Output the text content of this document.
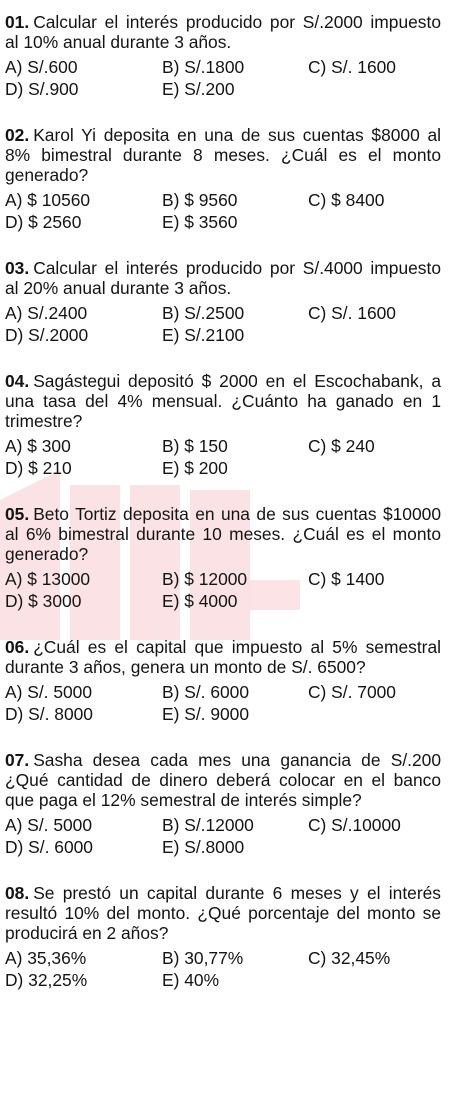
01. Calcular el interés producido por S/.2000 impuesto al 10% anual durante 3 años.

A) S/.600	B) S/.1800	C) S/. 1600
D) S/.900	E) S/.200

02. Karol Yi deposita en una de sus cuentas $8000 al 8% bimestral durante 8 meses. ¿Cuál es el monto generado?

A) $ 10560	B) $ 9560	C) $ 8400
D) $ 2560	E) $ 3560

03. Calcular el interés producido por S/.4000 impuesto al 20% anual durante 3 años.

A) S/.2400	B) S/.2500	C) S/. 1600
D) S/.2000	E) S/.2100

04. Sagástegui depositó $ 2000 en el Escochabank, a una tasa del 4% mensual. ¿Cuánto ha ganado en 1 trimestre?

A) $ 300	B) $ 150	C) $ 240
D) $ 210	E) $ 200

05. Beto Tortiz deposita en una de sus cuentas $10000 al 6% bimestral durante 10 meses. ¿Cuál es el monto generado?

A) $ 13000	B) $ 12000	C) $ 1400
D) $ 3000	E) $ 4000

06. ¿Cuál es el capital que impuesto al 5% semestral durante 3 años, genera un monto de S/. 6500?

A) S/. 5000	B) S/. 6000	C) S/. 7000
D) S/. 8000	E) S/. 9000

07. Sasha desea cada mes una ganancia de S/.200 ¿Qué cantidad de dinero deberá colocar en el banco que paga el 12% semestral de interés simple?

A) S/. 5000	B) S/.12000	C) S/.10000
D) S/. 6000	E) S/.8000

08. Se prestó un capital durante 6 meses y el interés resultó 10% del monto. ¿Qué porcentaje del monto se producirá en 2 años?

A) 35,36%	B) 30,77%	C) 32,45%
D) 32,25%	E) 40%
